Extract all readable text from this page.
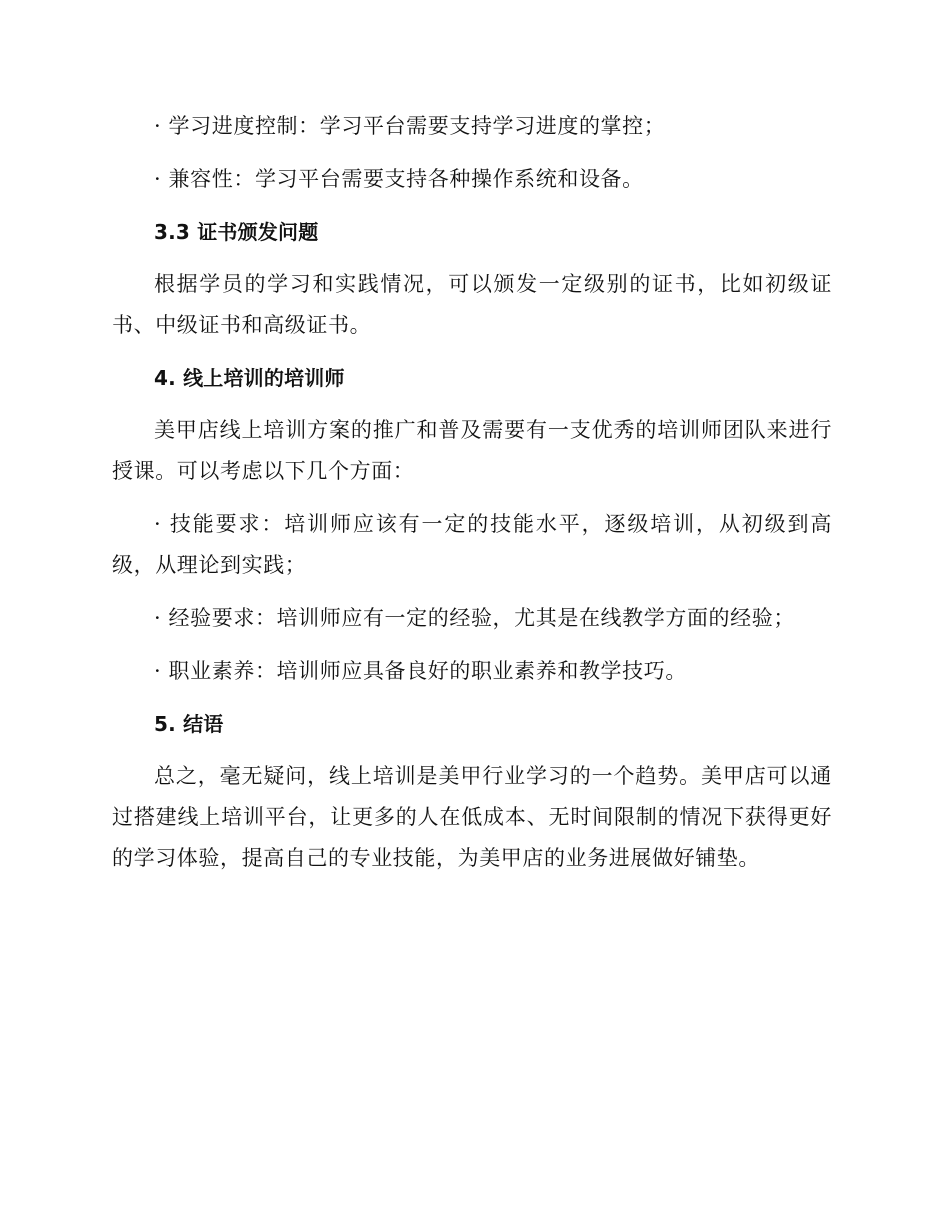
· 学习进度控制：学习平台需要支持学习进度的掌控；

· 兼容性：学习平台需要支持各种操作系统和设备。

3.3 证书颁发问题

根据学员的学习和实践情况，可以颁发一定级别的证书，比如初级证书、中级证书和高级证书。

4. 线上培训的培训师

美甲店线上培训方案的推广和普及需要有一支优秀的培训师团队来进行授课。可以考虑以下几个方面：

· 技能要求：培训师应该有一定的技能水平，逐级培训，从初级到高级，从理论到实践；

· 经验要求：培训师应有一定的经验，尤其是在线教学方面的经验；

· 职业素养：培训师应具备良好的职业素养和教学技巧。

5. 结语

总之，毫无疑问，线上培训是美甲行业学习的一个趋势。美甲店可以通过搭建线上培训平台，让更多的人在低成本、无时间限制的情况下获得更好的学习体验，提高自己的专业技能，为美甲店的业务进展做好铺垫。
